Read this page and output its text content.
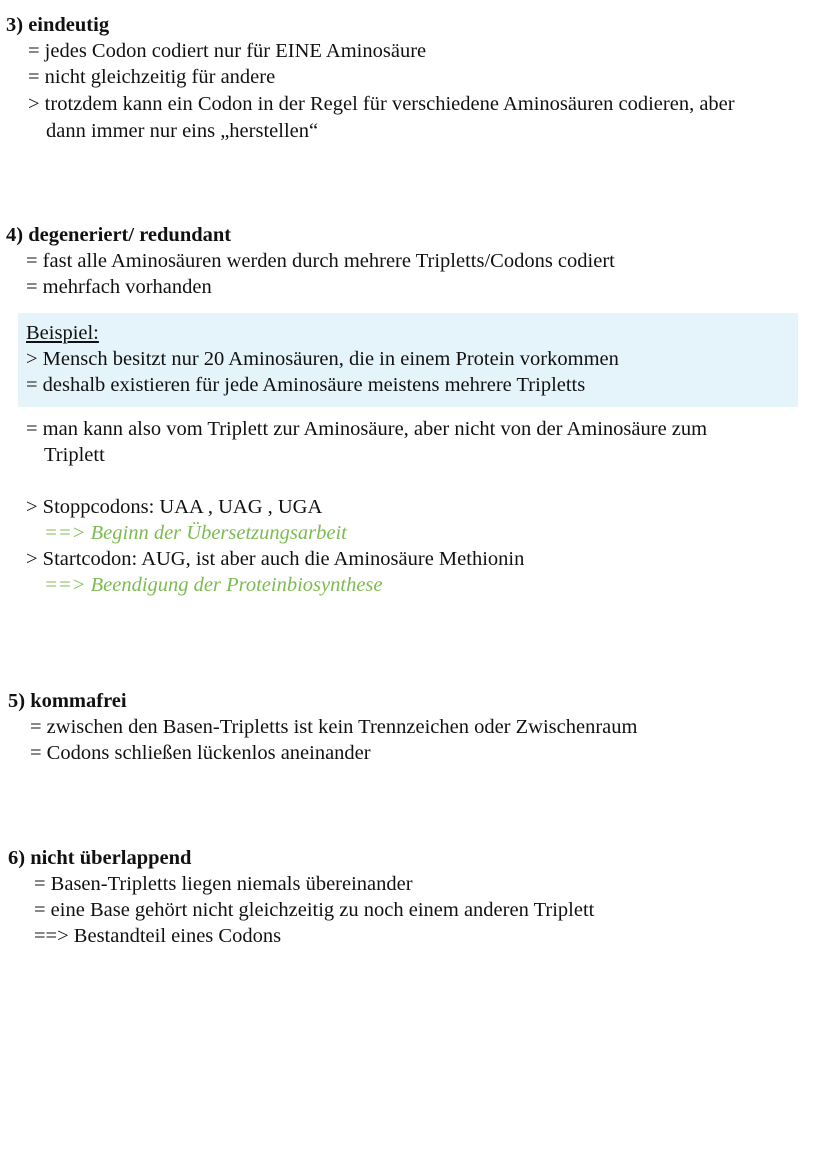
3) eindeutig
= jedes Codon codiert nur für EINE Aminosäure
= nicht gleichzeitig für andere
> trotzdem kann ein Codon in der Regel für verschiedene Aminosäuren codieren, aber
dann immer nur eins „herstellen“
4) degeneriert/ redundant
= fast alle Aminosäuren werden durch mehrere Tripletts/Codons codiert
= mehrfach vorhanden
Beispiel:
> Mensch besitzt nur 20 Aminosäuren, die in einem Protein vorkommen
= deshalb existieren für jede Aminosäure meistens mehrere Tripletts
= man kann also vom Triplett zur Aminosäure, aber nicht von der Aminosäure zum
Triplett
> Stoppcodons: UAA , UAG , UGA
==> Beginn der Übersetzungsarbeit
> Startcodon: AUG, ist aber auch die Aminosäure Methionin
==> Beendigung der Proteinbiosynthese
5) kommafrei
= zwischen den Basen-Tripletts ist kein Trennzeichen oder Zwischenraum
= Codons schließen lückenlos aneinander
6) nicht überlappend
= Basen-Tripletts liegen niemals übereinander
= eine Base gehört nicht gleichzeitig zu noch einem anderen Triplett
==> Bestandteil eines Codons
